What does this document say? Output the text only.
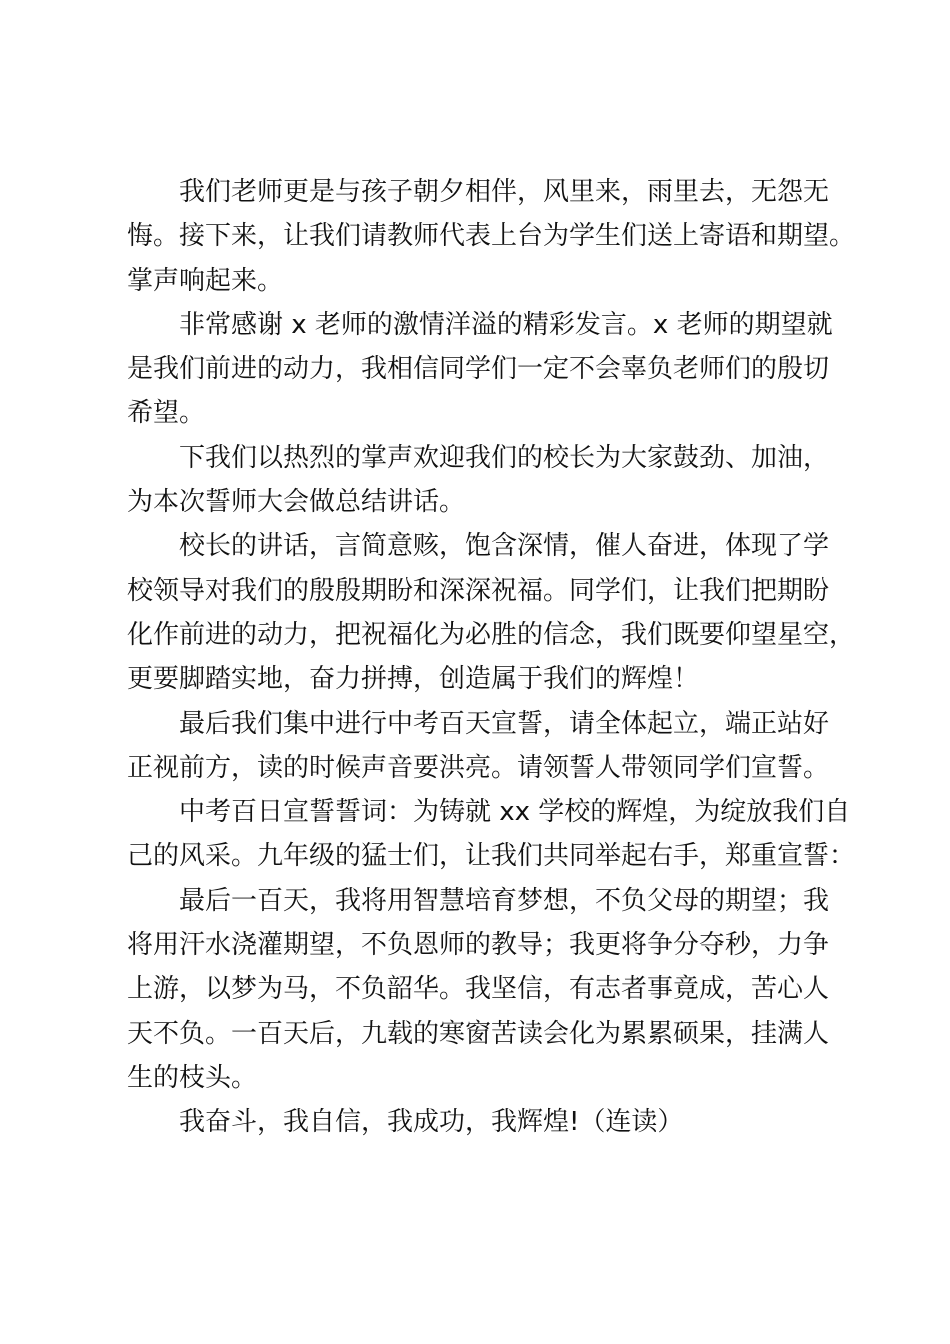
我们老师更是与孩子朝夕相伴，风里来，雨里去，无怨无
悔。接下来，让我们请教师代表上台为学生们送上寄语和期望。
掌声响起来。
非常感谢 x 老师的激情洋溢的精彩发言。x 老师的期望就
是我们前进的动力，我相信同学们一定不会辜负老师们的殷切
希望。
下我们以热烈的掌声欢迎我们的校长为大家鼓劲、加油，
为本次誓师大会做总结讲话。
校长的讲话，言简意赅，饱含深情，催人奋进，体现了学
校领导对我们的殷殷期盼和深深祝福。同学们，让我们把期盼
化作前进的动力，把祝福化为必胜的信念，我们既要仰望星空，
更要脚踏实地，奋力拼搏，创造属于我们的辉煌！
最后我们集中进行中考百天宣誓，请全体起立，端正站好
正视前方，读的时候声音要洪亮。请领誓人带领同学们宣誓。
中考百日宣誓誓词：为铸就 xx 学校的辉煌，为绽放我们自
己的风采。九年级的猛士们，让我们共同举起右手，郑重宣誓：
最后一百天，我将用智慧培育梦想，不负父母的期望；我
将用汗水浇灌期望，不负恩师的教导；我更将争分夺秒，力争
上游，以梦为马，不负韶华。我坚信，有志者事竟成，苦心人
天不负。一百天后，九载的寒窗苦读会化为累累硕果，挂满人
生的枝头。
我奋斗，我自信，我成功，我辉煌!（连读）
